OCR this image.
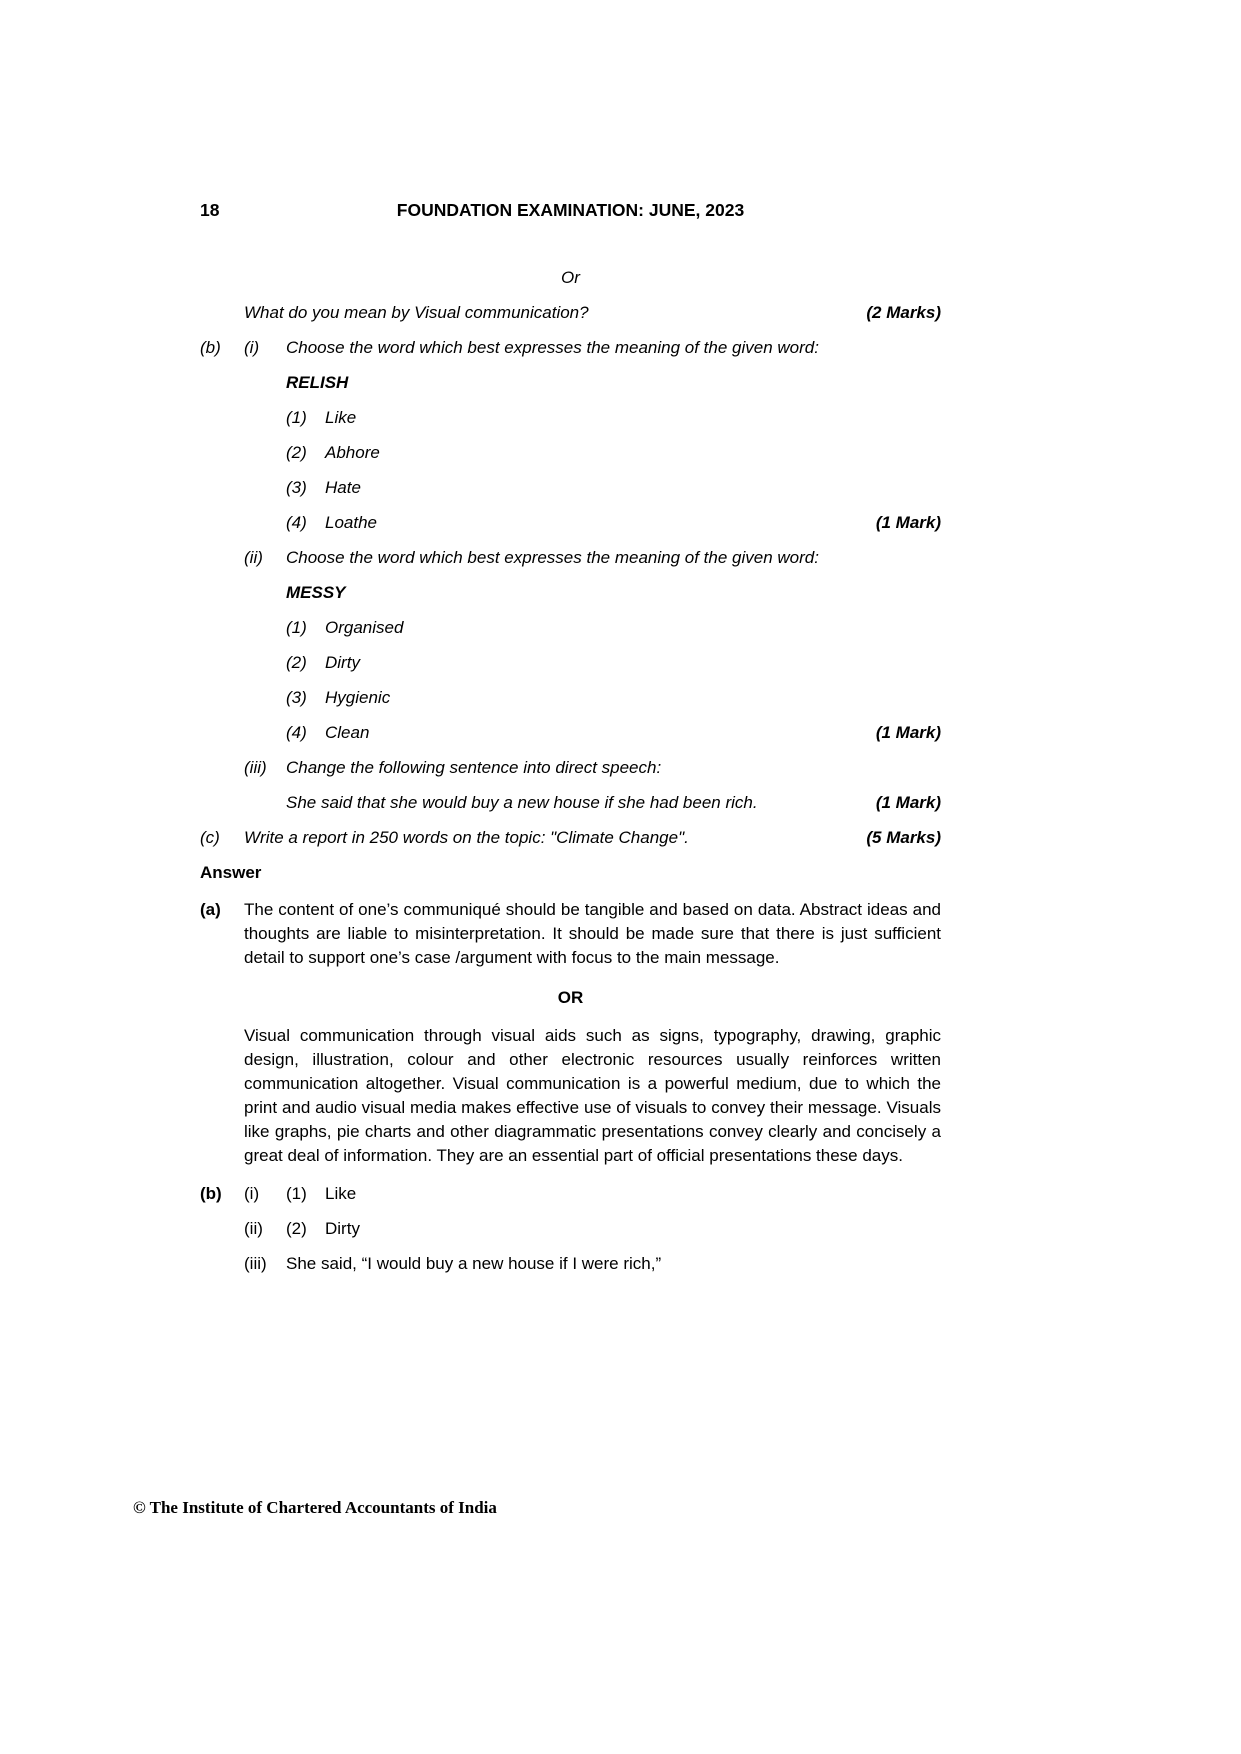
18	FOUNDATION EXAMINATION: JUNE, 2023
Or
What do you mean by Visual communication?	(2 Marks)
(b)	(i)	Choose the word which best expresses the meaning of the given word:
RELISH
(1)	Like
(2)	Abhore
(3)	Hate
(4)	Loathe	(1 Mark)
(ii)	Choose the word which best expresses the meaning of the given word:
MESSY
(1)	Organised
(2)	Dirty
(3)	Hygienic
(4)	Clean	(1 Mark)
(iii)	Change the following sentence into direct speech:
She said that she would buy a new house if she had been rich.	(1 Mark)
(c)	Write a report in 250 words on the topic: "Climate Change".	(5 Marks)
Answer
(a)	The content of one’s communiqué should be tangible and based on data. Abstract ideas and thoughts are liable to misinterpretation. It should be made sure that there is just sufficient detail to support one’s case /argument with focus to the main message.
OR
Visual communication through visual aids such as signs, typography, drawing, graphic design, illustration, colour and other electronic resources usually reinforces written communication altogether. Visual communication is a powerful medium, due to which the print and audio visual media makes effective use of visuals to convey their message. Visuals like graphs, pie charts and other diagrammatic presentations convey clearly and concisely a great deal of information. They are an essential part of official presentations these days.
(b)	(i)	(1)	Like
(ii)	(2)	Dirty
(iii)	She said, “I would buy a new house if I were rich,”
© The Institute of Chartered Accountants of India
